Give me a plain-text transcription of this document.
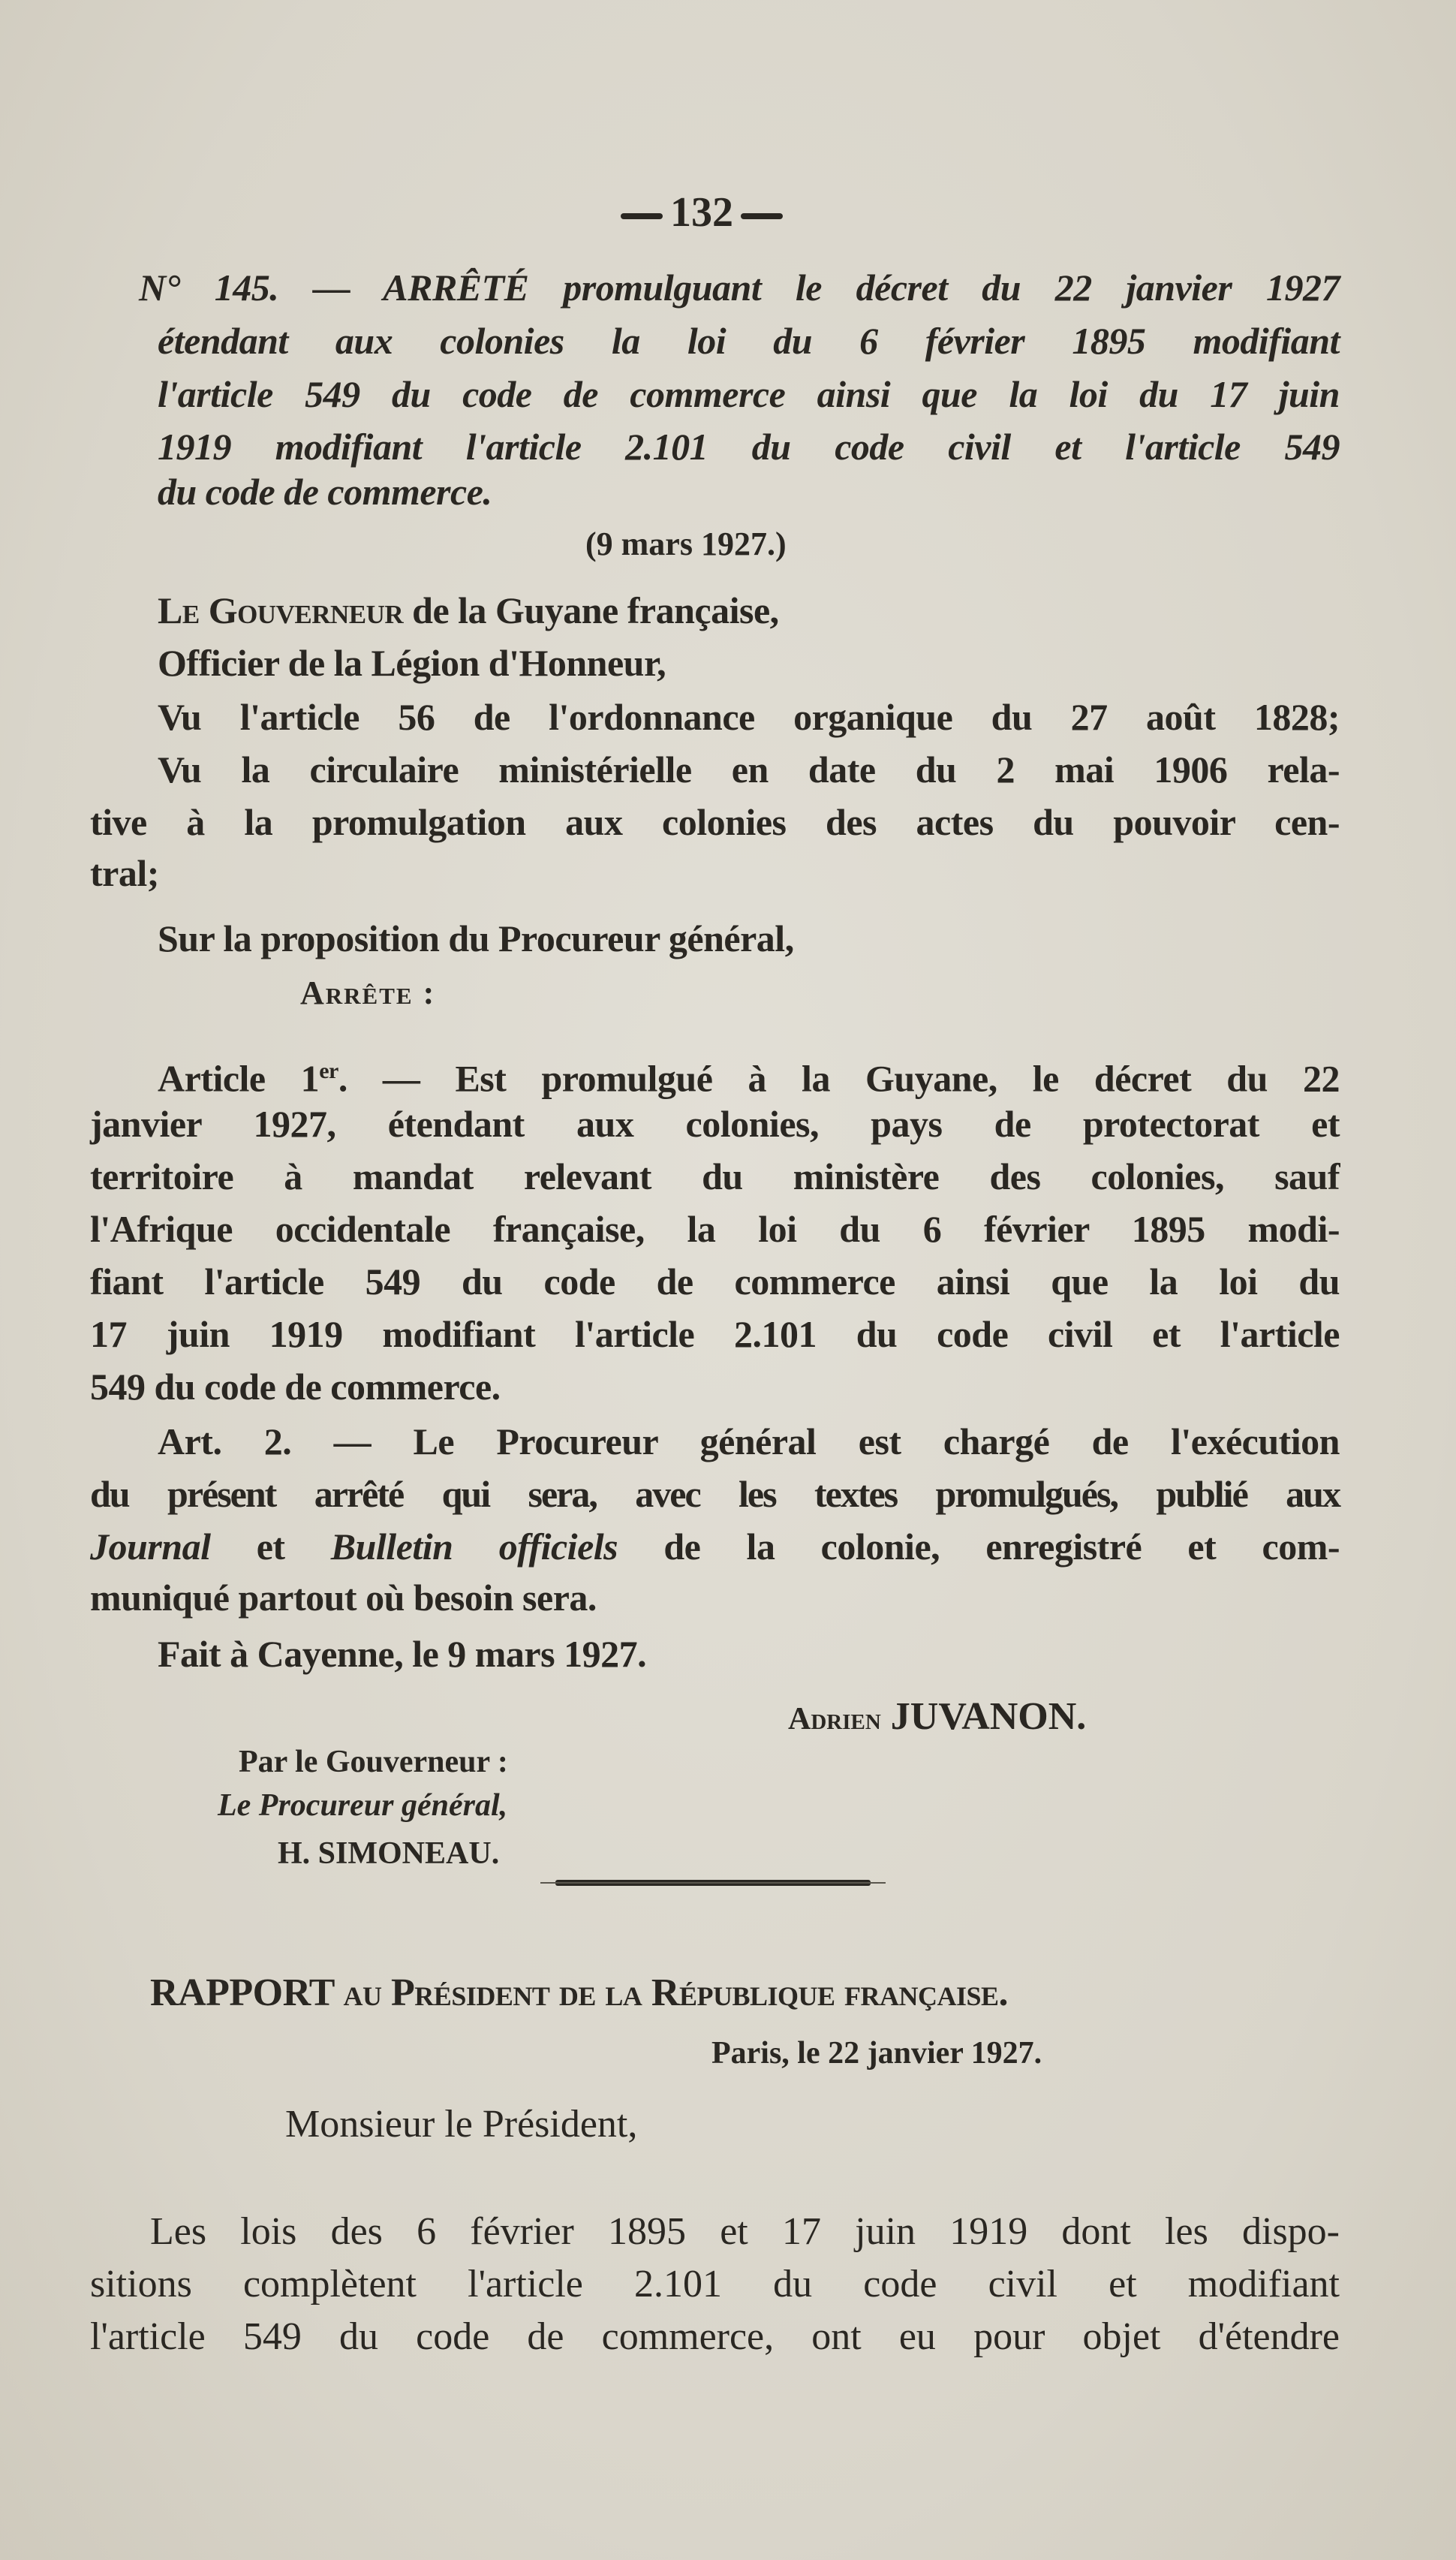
132
N° 145. — ARRÊTÉ promulguant le décret du 22 janvier 1927
étendant aux colonies la loi du 6 février 1895 modifiant
l'article 549 du code de commerce ainsi que la loi du 17 juin
1919 modifiant l'article 2.101 du code civil et l'article 549
du code de commerce.
(9 mars 1927.)
Le Gouverneur de la Guyane française,
Officier de la Légion d'Honneur,
Vu l'article 56 de l'ordonnance organique du 27 août 1828;
Vu la circulaire ministérielle en date du 2 mai 1906 rela-
tive à la promulgation aux colonies des actes du pouvoir cen-
tral;
Sur la proposition du Procureur général,
Arrête :
Article 1er. — Est promulgué à la Guyane, le décret du 22
janvier 1927, étendant aux colonies, pays de protectorat et
territoire à mandat relevant du ministère des colonies, sauf
l'Afrique occidentale française, la loi du 6 février 1895 modi-
fiant l'article 549 du code de commerce ainsi que la loi du
17 juin 1919 modifiant l'article 2.101 du code civil et l'article
549 du code de commerce.
Art. 2. — Le Procureur général est chargé de l'exécution
du présent arrêté qui sera, avec les textes promulgués, publié aux
Journal et Bulletin officiels de la colonie, enregistré et com-
muniqué partout où besoin sera.
Fait à Cayenne, le 9 mars 1927.
Adrien JUVANON.
Par le Gouverneur :
Le Procureur général,
H. SIMONEAU.
RAPPORT au Président de la République française.
Paris, le 22 janvier 1927.
Monsieur le Président,
Les lois des 6 février 1895 et 17 juin 1919 dont les dispo-
sitions complètent l'article 2.101 du code civil et modifiant
l'article 549 du code de commerce, ont eu pour objet d'étendre
